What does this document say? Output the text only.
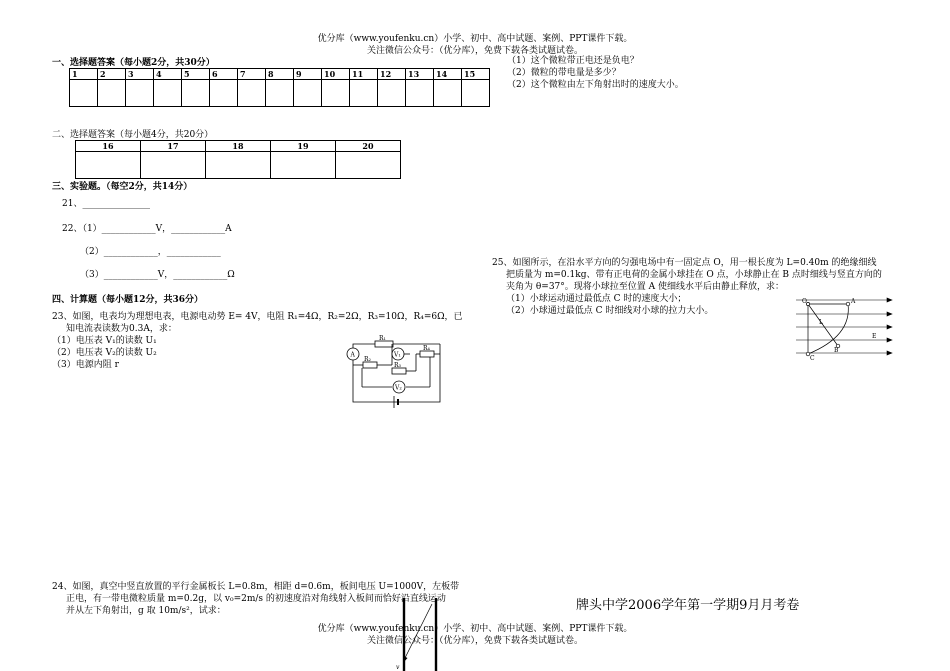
优分库（www.youfenku.cn）小学、初中、高中试题、案例、PPT课件下载。
关注微信公众号：（优分库），免费下载各类试题试卷。
一、选择题答案（每小题2分，共30分）
1	2	3	4	5	6	7	8	9	10	11	12	13	14	15

（1）这个微粒带正电还是负电？
（2）微粒的带电量是多少？
（2）这个微粒由左下角射出时的速度大小。
二、选择题答案（每小题4分，共20分）
16	17	18	19	20

三、实验题。（每空2分，共14分）
21、_______________
22、（1）____________V，____________A
（2）____________，____________
（3）____________V，____________Ω
四、计算题（每小题12分，共36分）
23、如图，电表均为理想电表，电源电动势 E= 4V，电阻 R₁=4Ω，R₂=2Ω，R₃=10Ω，R₄=6Ω，已
知电流表读数为0.3A，求：
（1）电压表 V₁的读数 U₁
（2）电压表 V₂的读数 U₂
（3）电源内阻 r
A	V₁
V₂
R₁
R₂
R₃
R₄
25、如图所示，在沿水平方向的匀强电场中有一固定点 O，用一根长度为 L=0.40m 的绝缘细线
把质量为 m=0.1kg、带有正电荷的金属小球挂在 O 点，小球静止在 B 点时细线与竖直方向的
夹角为 θ=37°。现将小球拉至位置 A 使细线水平后由静止释放，求：
（1）小球运动通过最低点 C 时的速度大小；
（2）小球通过最低点 C 时细线对小球的拉力大小。
O	A
B
C
L
E
24、如图，真空中竖直放置的平行金属板长 L=0.8m，相距 d=0.6m，板间电压 U=1000V，左板带
正电，有一带电微粒质量 m=0.2g，以 v₀=2m/s 的初速度沿对角线射入板间而恰好沿直线运动
并从左下角射出，g 取 10m/s²，试求：	牌头中学2006学年第一学期9月月考卷
优分库（www.youfenku.cn）小学、初中、高中试题、案例、PPT课件下载。
关注微信公众号：（优分库），免费下载各类试题试卷。
v
